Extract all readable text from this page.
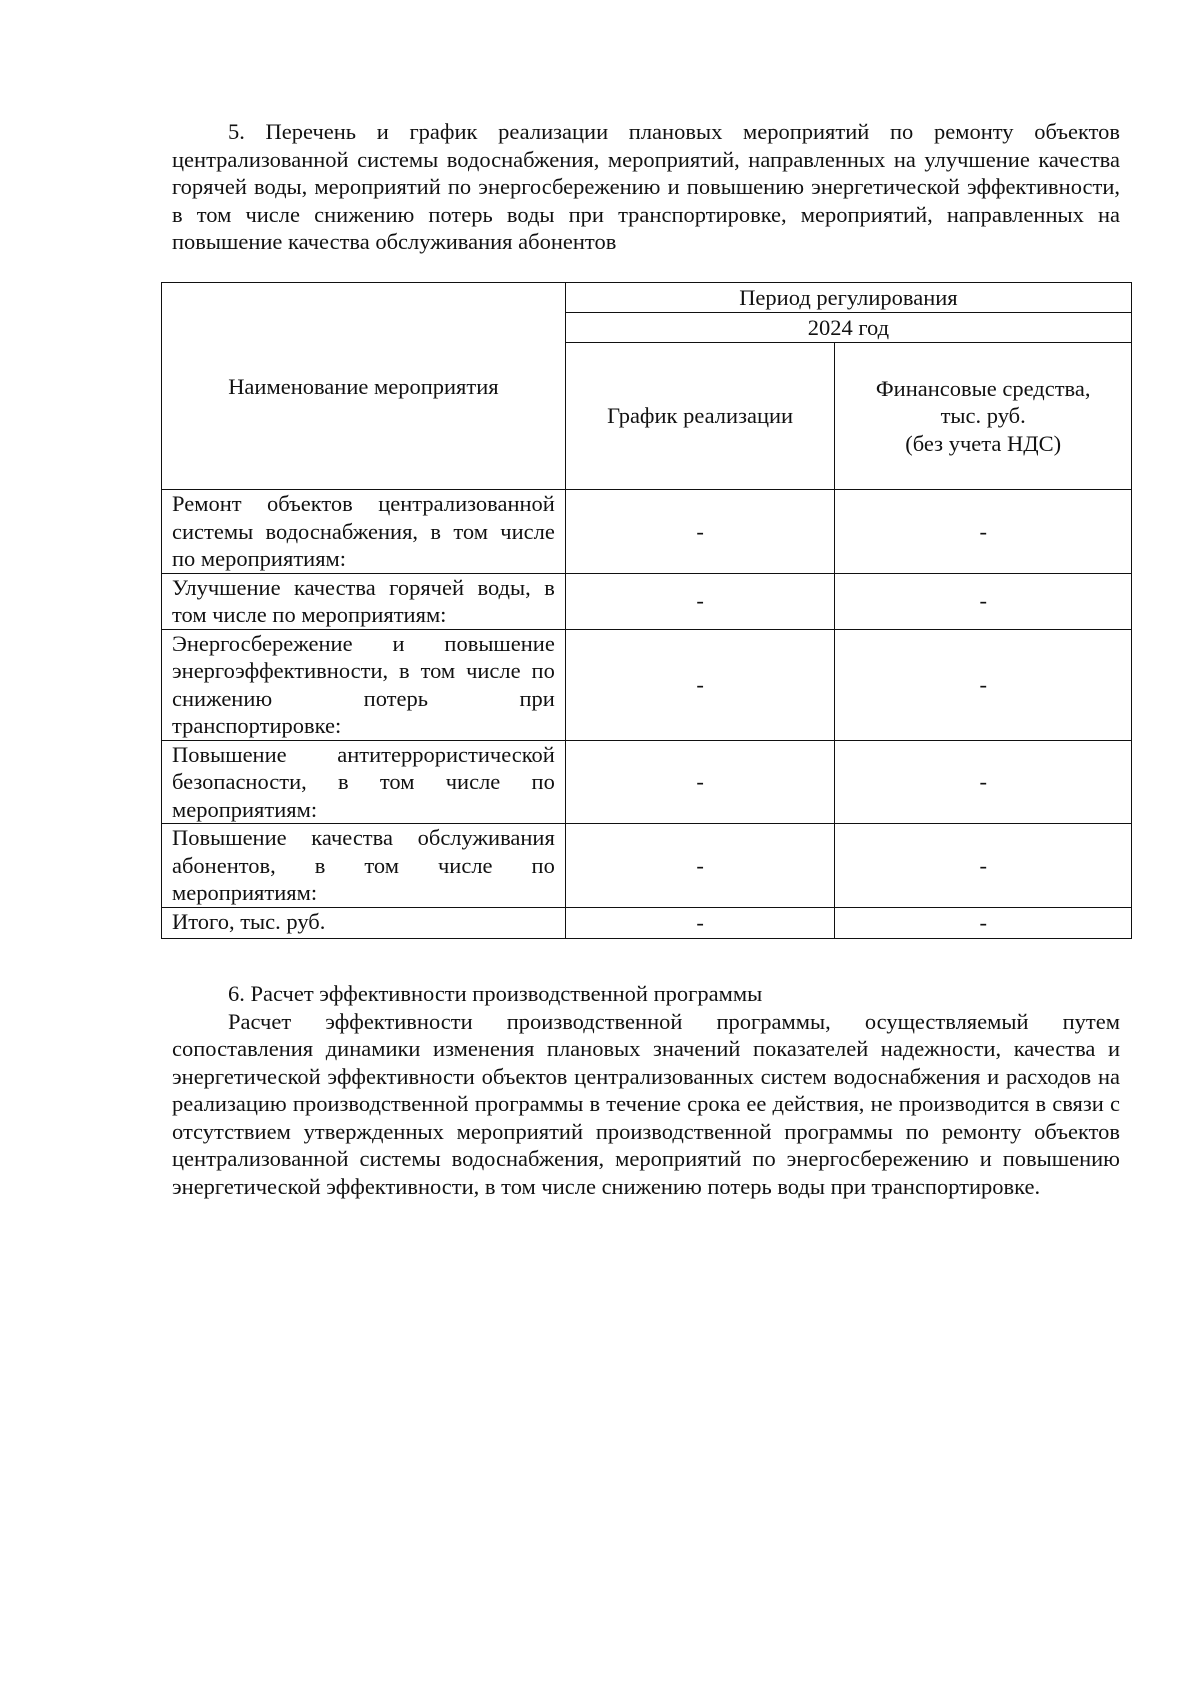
5. Перечень и график реализации плановых мероприятий по ремонту объектов централизованной системы водоснабжения, мероприятий, направленных на улучшение качества горячей воды, мероприятий по энергосбережению и повышению энергетической эффективности, в том числе снижению потерь воды при транспортировке, мероприятий, направленных на повышение качества обслуживания абонентов

Наименование мероприятия	Период регулирования	
	2024 год	
	График реализации	Финансовые средства,
тыс. руб.
(без учета НДС)

Ремонт объектов централизованной системы водоснабжения, в том числе по мероприятиям:	-	-
Улучшение качества горячей воды, в том числе по мероприятиям:	-	-
Энергосбережение и повышение энергоэффективности, в том числе по снижению потерь при транспортировке:	-	-
Повышение антитеррористической безопасности, в том числе по мероприятиям:	-	-
Повышение качества обслуживания абонентов, в том числе по мероприятиям:	-	-
Итого, тыс. руб.	-	-

6. Расчет эффективности производственной программы

Расчет эффективности производственной программы, осуществляемый путем сопоставления динамики изменения плановых значений показателей надежности, качества и энергетической эффективности объектов централизованных систем водоснабжения и расходов на реализацию производственной программы в течение срока ее действия, не производится в связи с отсутствием утвержденных мероприятий производственной программы по ремонту объектов централизованной системы водоснабжения, мероприятий по энергосбережению и повышению энергетической эффективности, в том числе снижению потерь воды при транспортировке.
